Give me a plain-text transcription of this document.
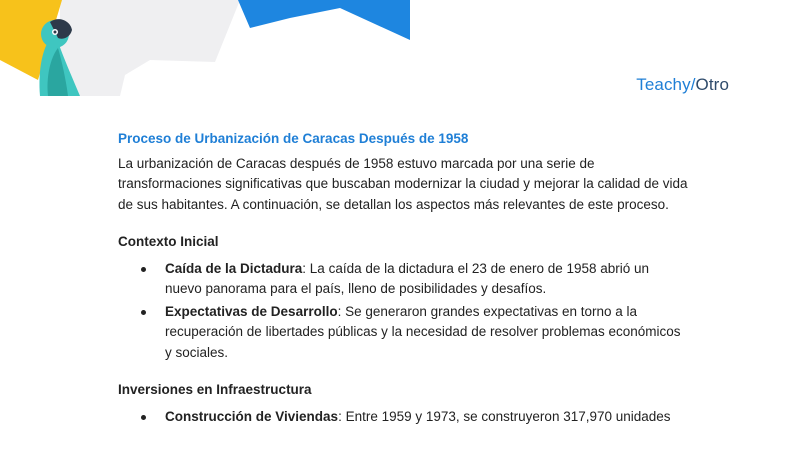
Teachy/Otro
Proceso de Urbanización de Caracas Después de 1958

La urbanización de Caracas después de 1958 estuvo marcada por una serie de transformaciones significativas que buscaban modernizar la ciudad y mejorar la calidad de vida de sus habitantes. A continuación, se detallan los aspectos más relevantes de este proceso.

Contexto Inicial
Caída de la Dictadura: La caída de la dictadura el 23 de enero de 1958 abrió un nuevo panorama para el país, lleno de posibilidades y desafíos.
Expectativas de Desarrollo: Se generaron grandes expectativas en torno a la recuperación de libertades públicas y la necesidad de resolver problemas económicos y sociales.
Inversiones en Infraestructura
Construcción de Viviendas: Entre 1959 y 1973, se construyeron 317,970 unidades
